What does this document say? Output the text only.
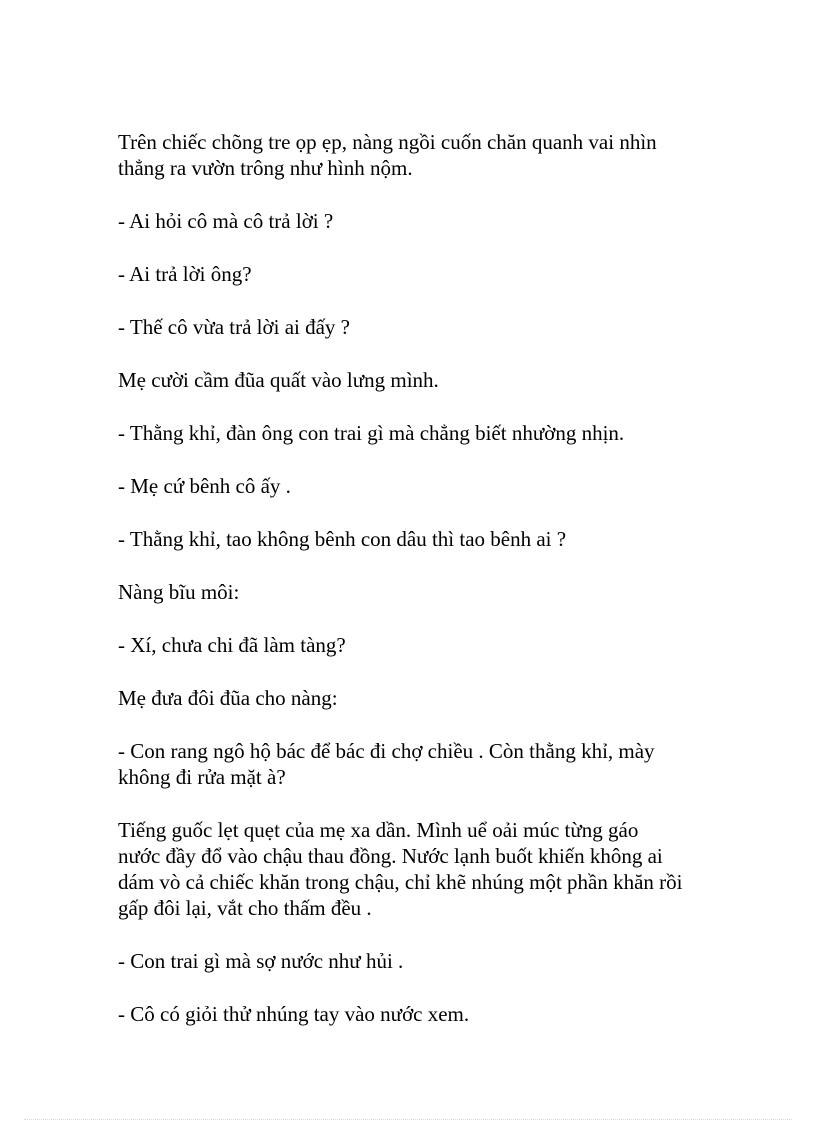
Trên chiếc chõng tre ọp ẹp, nàng ngồi cuốn chăn quanh vai nhìn
thẳng ra vườn trông như hình nộm.

- Ai hỏi cô mà cô trả lời ?

- Ai trả lời ông?

- Thế cô vừa trả lời ai đấy ?

Mẹ cười cầm đũa quất vào lưng mình.

- Thằng khỉ, đàn ông con trai gì mà chẳng biết nhường nhịn.

- Mẹ cứ bênh cô ấy .

- Thằng khỉ, tao không bênh con dâu thì tao bênh ai ?

Nàng bĩu môi:

- Xí, chưa chi đã làm tàng?

Mẹ đưa đôi đũa cho nàng:

- Con rang ngô hộ bác để bác đi chợ chiều . Còn thằng khỉ, mày
không đi rửa mặt à?

Tiếng guốc lẹt quẹt của mẹ xa dần. Mình uể oải múc từng gáo
nước đầy đổ vào chậu thau đồng. Nước lạnh buốt khiến không ai
dám vò cả chiếc khăn trong chậu, chỉ khẽ nhúng một phần khăn rồi
gấp đôi lại, vắt cho thấm đều .

- Con trai gì mà sợ nước như hủi .

- Cô có giỏi thử nhúng tay vào nước xem.
